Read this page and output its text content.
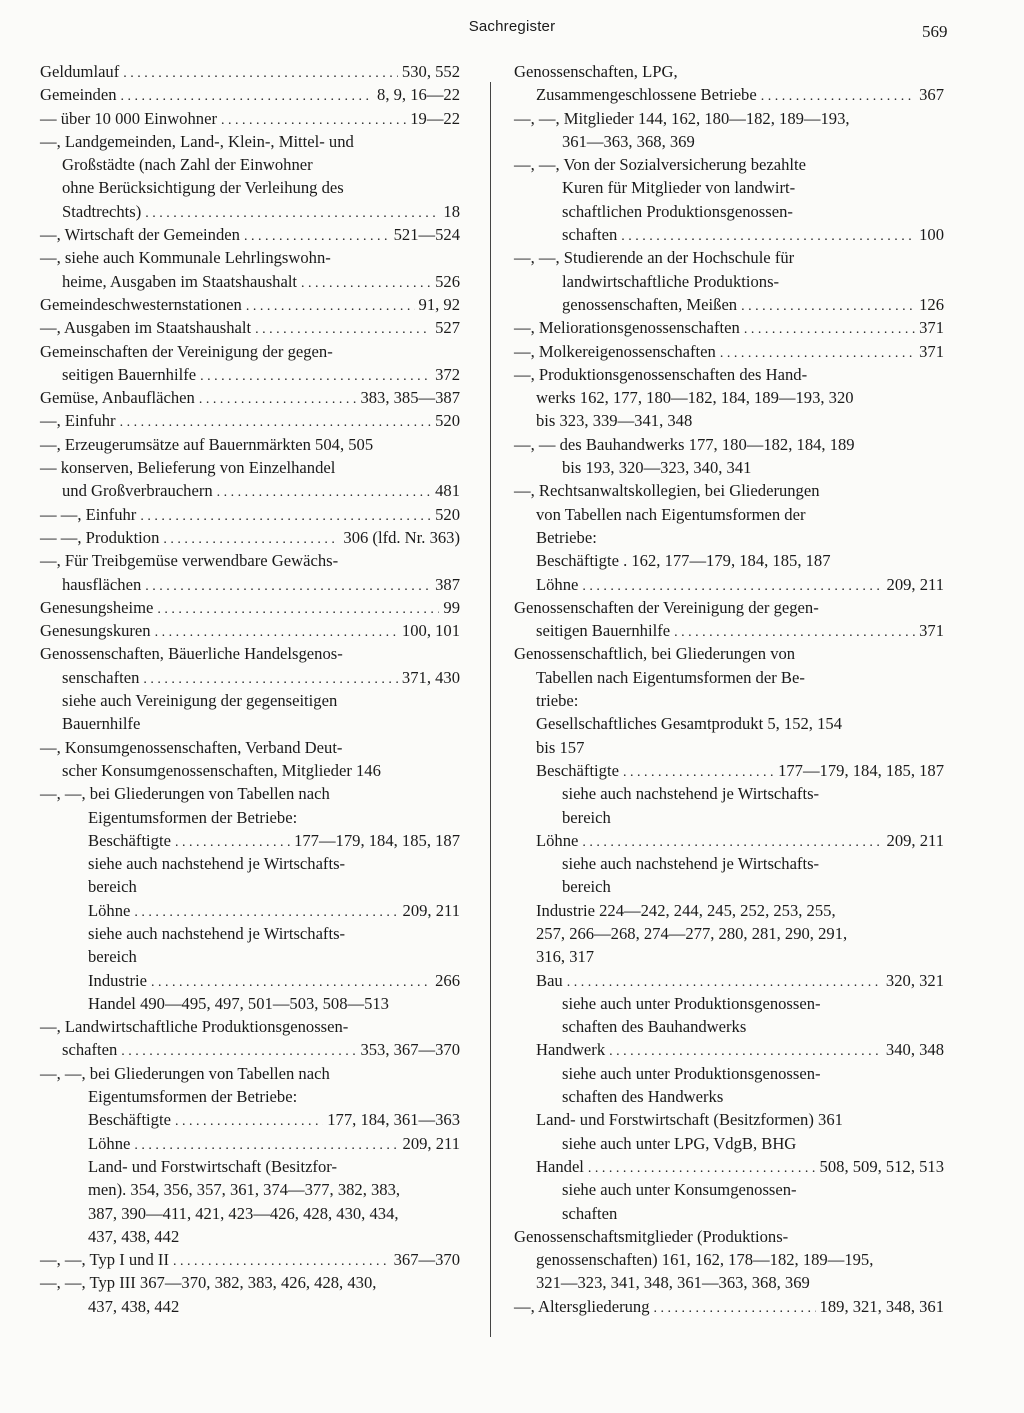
Sachregister	569
Geldumlauf . . .	530, 552
Gemeinden . . .	8, 9, 16—22
— über 10 000 Einwohner . . .	19—22
—, Landgemeinden, Land-, Klein-, Mittel- und
Großstädte (nach Zahl der Einwohner
ohne Berücksichtigung der Verleihung des
Stadtrechts) . . .	18
—, Wirtschaft der Gemeinden . . .	521—524
—, siehe auch Kommunale Lehrlingswohn-
heime, Ausgaben im Staatshaushalt . . .	526
Gemeindeschwesternstationen . . .	91, 92
—, Ausgaben im Staatshaushalt . . .	527
Gemeinschaften der Vereinigung der gegen-
seitigen Bauernhilfe . . .	372
Gemüse, Anbauflächen . . .	383, 385—387
—, Einfuhr . . .	520
—, Erzeugerumsätze auf Bauernmärkten 504, 505
— konserven, Belieferung von Einzelhandel
und Großverbrauchern . . .	481
— —, Einfuhr . . .	520
— —, Produktion . . .	306 (lfd. Nr. 363)
—, Für Treibgemüse verwendbare Gewächs-
hausflächen . . .	387
Genesungsheime . . .	99
Genesungskuren . . .	100, 101
Genossenschaften, Bäuerliche Handelsgenos-
senschaften . . .	371, 430
siehe auch Vereinigung der gegenseitigen
Bauernhilfe
—, Konsumgenossenschaften, Verband Deut-
scher Konsumgenossenschaften, Mitglieder 146
—, —, bei Gliederungen von Tabellen nach
Eigentumsformen der Betriebe:
Beschäftigte . . .	177—179, 184, 185, 187
siehe auch nachstehend je Wirtschafts-
bereich
Löhne . . .	209, 211
siehe auch nachstehend je Wirtschafts-
bereich
Industrie . . .	266
Handel 490—495, 497, 501—503, 508—513
—, Landwirtschaftliche Produktionsgenossen-
schaften . . .	353, 367—370
—, —, bei Gliederungen von Tabellen nach
Eigentumsformen der Betriebe:
Beschäftigte . . .	177, 184, 361—363
Löhne . . .	209, 211
Land- und Forstwirtschaft (Besitzfor-
men). 354, 356, 357, 361, 374—377, 382, 383,
387, 390—411, 421, 423—426, 428, 430, 434,
437, 438, 442
—, —, Typ I und II . . .	367—370
—, —, Typ III 367—370, 382, 383, 426, 428, 430,
437, 438, 442
Genossenschaften, LPG,
Zusammengeschlossene Betriebe . . .	367
—, —, Mitglieder 144, 162, 180—182, 189—193,
361—363, 368, 369
—, —, Von der Sozialversicherung bezahlte
Kuren für Mitglieder von landwirt-
schaftlichen Produktionsgenossen-
schaften . . .	100
—, —, Studierende an der Hochschule für
landwirtschaftliche Produktions-
genossenschaften, Meißen . . .	126
—, Meliorationsgenossenschaften . . .	371
—, Molkereigenossenschaften . . .	371
—, Produktionsgenossenschaften des Hand-
werks 162, 177, 180—182, 184, 189—193, 320
bis 323, 339—341, 348
—, — des Bauhandwerks 177, 180—182, 184, 189
bis 193, 320—323, 340, 341
—, Rechtsanwaltskollegien, bei Gliederungen
von Tabellen nach Eigentumsformen der
Betriebe:
Beschäftigte . 162, 177—179, 184, 185, 187
Löhne . . .	209, 211
Genossenschaften der Vereinigung der gegen-
seitigen Bauernhilfe . . .	371
Genossenschaftlich, bei Gliederungen von
Tabellen nach Eigentumsformen der Be-
triebe:
Gesellschaftliches Gesamtprodukt 5, 152, 154
bis 157
Beschäftigte . . .	177—179, 184, 185, 187
siehe auch nachstehend je Wirtschafts-
bereich
Löhne . . .	209, 211
siehe auch nachstehend je Wirtschafts-
bereich
Industrie 224—242, 244, 245, 252, 253, 255,
257, 266—268, 274—277, 280, 281, 290, 291,
316, 317
Bau . . .	320, 321
siehe auch unter Produktionsgenossen-
schaften des Bauhandwerks
Handwerk . . .	340, 348
siehe auch unter Produktionsgenossen-
schaften des Handwerks
Land- und Forstwirtschaft (Besitzformen) 361
siehe auch unter LPG, VdgB, BHG
Handel . . .	508, 509, 512, 513
siehe auch unter Konsumgenossen-
schaften
Genossenschaftsmitglieder (Produktions-
genossenschaften) 161, 162, 178—182, 189—195,
321—323, 341, 348, 361—363, 368, 369
—, Altersgliederung . . .	189, 321, 348, 361
